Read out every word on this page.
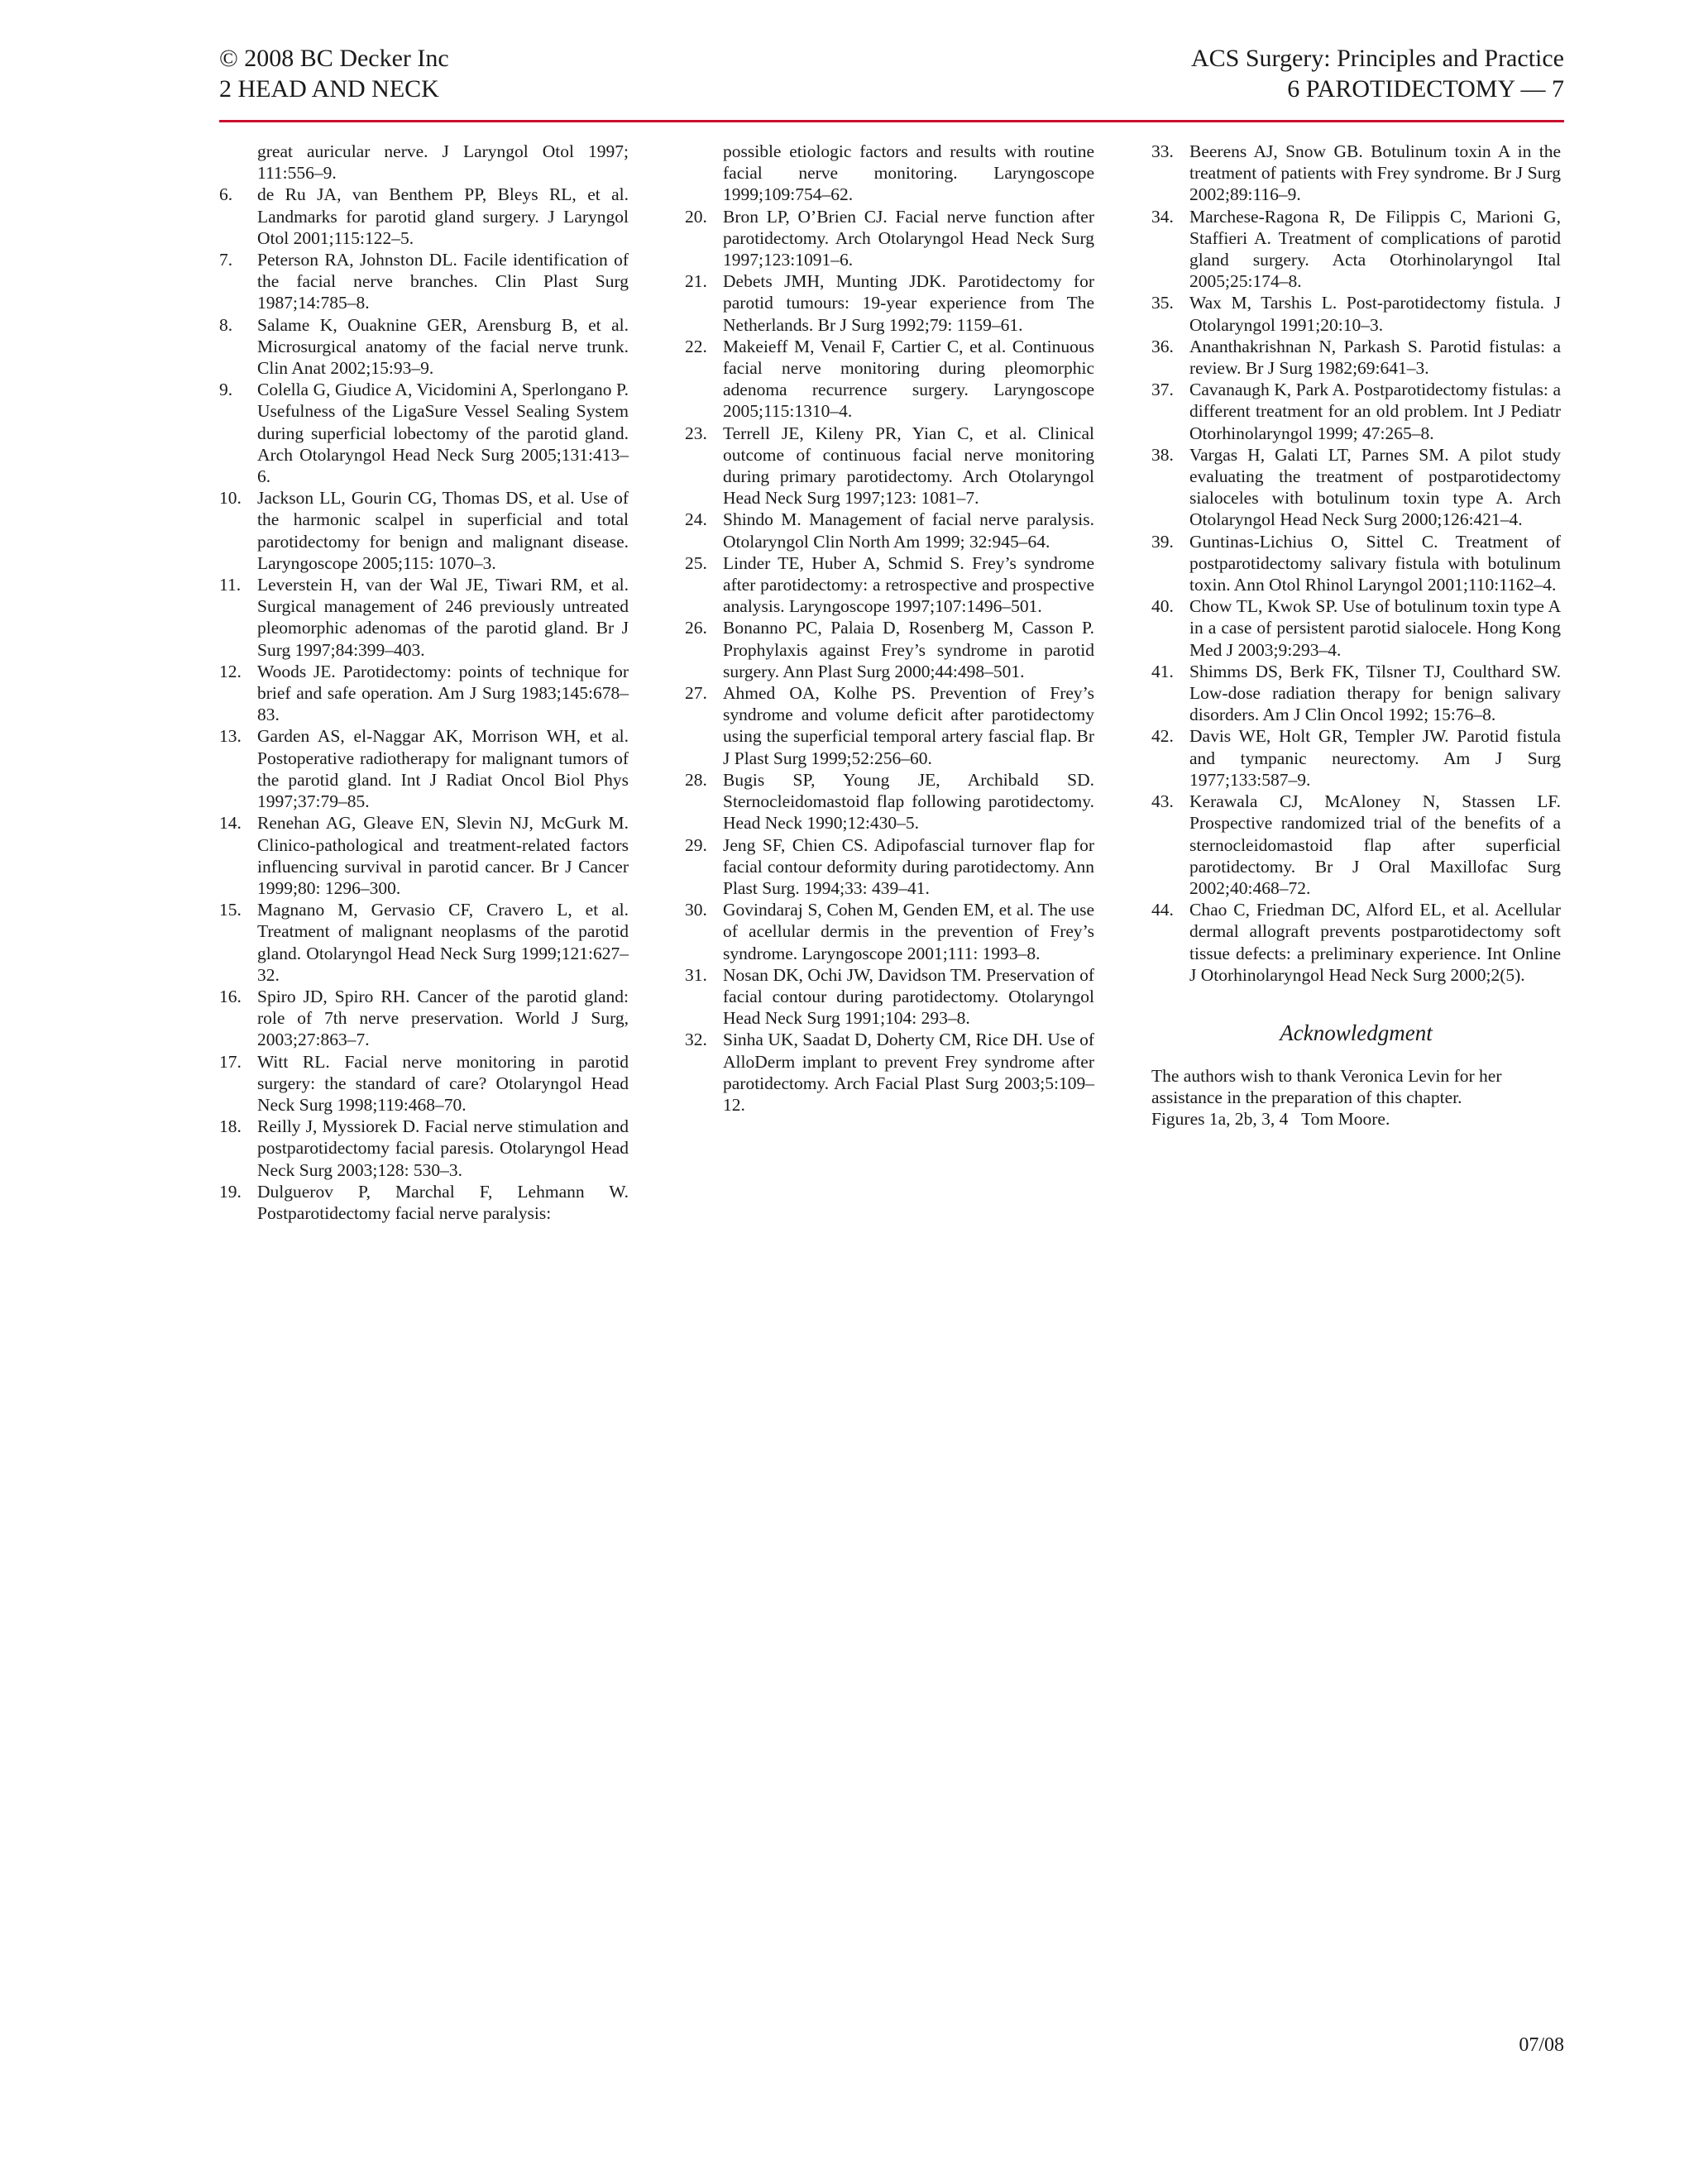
© 2008 BC Decker Inc
2 HEAD AND NECK
ACS Surgery: Principles and Practice
6 PAROTIDECTOMY — 7
great auricular nerve. J Laryngol Otol 1997; 111:556–9.
6.	de Ru JA, van Benthem PP, Bleys RL, et al. Landmarks for parotid gland surgery. J Laryngol Otol 2001;115:122–5.
7.	Peterson RA, Johnston DL. Facile identification of the facial nerve branches. Clin Plast Surg 1987;14:785–8.
8.	Salame K, Ouaknine GER, Arensburg B, et al. Microsurgical anatomy of the facial nerve trunk. Clin Anat 2002;15:93–9.
9.	Colella G, Giudice A, Vicidomini A, Sperlongano P. Usefulness of the LigaSure Vessel Sealing System during superficial lobectomy of the parotid gland. Arch Otolaryngol Head Neck Surg 2005;131:413–6.
10. Jackson LL, Gourin CG, Thomas DS, et al. Use of the harmonic scalpel in superficial and total parotidectomy for benign and malignant disease. Laryngoscope 2005;115: 1070–3.
11. Leverstein H, van der Wal JE, Tiwari RM, et al. Surgical management of 246 previously untreated pleomorphic adenomas of the parotid gland. Br J Surg 1997;84:399–403.
12. Woods JE. Parotidectomy: points of technique for brief and safe operation. Am J Surg 1983;145:678–83.
13. Garden AS, el-Naggar AK, Morrison WH, et al. Postoperative radiotherapy for malignant tumors of the parotid gland. Int J Radiat Oncol Biol Phys 1997;37:79–85.
14. Renehan AG, Gleave EN, Slevin NJ, McGurk M. Clinico-pathological and treatment-related factors influencing survival in parotid cancer. Br J Cancer 1999;80: 1296–300.
15. Magnano M, Gervasio CF, Cravero L, et al. Treatment of malignant neoplasms of the parotid gland. Otolaryngol Head Neck Surg 1999;121:627–32.
16. Spiro JD, Spiro RH. Cancer of the parotid gland: role of 7th nerve preservation. World J Surg, 2003;27:863–7.
17. Witt RL. Facial nerve monitoring in parotid surgery: the standard of care? Otolaryngol Head Neck Surg 1998;119:468–70.
18. Reilly J, Myssiorek D. Facial nerve stimulation and postparotidectomy facial paresis. Otolaryngol Head Neck Surg 2003;128: 530–3.
19. Dulguerov P, Marchal F, Lehmann W. Postparotidectomy facial nerve paralysis:
possible etiologic factors and results with routine facial nerve monitoring. Laryngoscope 1999;109:754–62.
20. Bron LP, O’Brien CJ. Facial nerve function after parotidectomy. Arch Otolaryngol Head Neck Surg 1997;123:1091–6.
21. Debets JMH, Munting JDK. Parotidectomy for parotid tumours: 19-year experience from The Netherlands. Br J Surg 1992;79: 1159–61.
22. Makeieff M, Venail F, Cartier C, et al. Continuous facial nerve monitoring during pleomorphic adenoma recurrence surgery. Laryngoscope 2005;115:1310–4.
23. Terrell JE, Kileny PR, Yian C, et al. Clinical outcome of continuous facial nerve monitoring during primary parotidectomy. Arch Otolaryngol Head Neck Surg 1997;123: 1081–7.
24. Shindo M. Management of facial nerve paralysis. Otolaryngol Clin North Am 1999; 32:945–64.
25. Linder TE, Huber A, Schmid S. Frey’s syndrome after parotidectomy: a retrospective and prospective analysis. Laryngoscope 1997;107:1496–501.
26. Bonanno PC, Palaia D, Rosenberg M, Casson P. Prophylaxis against Frey’s syndrome in parotid surgery. Ann Plast Surg 2000;44:498–501.
27. Ahmed OA, Kolhe PS. Prevention of Frey’s syndrome and volume deficit after parotidectomy using the superficial temporal artery fascial flap. Br J Plast Surg 1999;52:256–60.
28. Bugis SP, Young JE, Archibald SD. Sternocleidomastoid flap following parotidectomy. Head Neck 1990;12:430–5.
29. Jeng SF, Chien CS. Adipofascial turnover flap for facial contour deformity during parotidectomy. Ann Plast Surg. 1994;33: 439–41.
30. Govindaraj S, Cohen M, Genden EM, et al. The use of acellular dermis in the prevention of Frey’s syndrome. Laryngoscope 2001;111: 1993–8.
31. Nosan DK, Ochi JW, Davidson TM. Preservation of facial contour during parotidectomy. Otolaryngol Head Neck Surg 1991;104: 293–8.
32. Sinha UK, Saadat D, Doherty CM, Rice DH. Use of AlloDerm implant to prevent Frey syndrome after parotidectomy. Arch Facial Plast Surg 2003;5:109–12.
33. Beerens AJ, Snow GB. Botulinum toxin A in the treatment of patients with Frey syndrome. Br J Surg 2002;89:116–9.
34. Marchese-Ragona R, De Filippis C, Marioni G, Staffieri A. Treatment of complications of parotid gland surgery. Acta Otorhinolaryngol Ital 2005;25:174–8.
35. Wax M, Tarshis L. Post-parotidectomy fistula. J Otolaryngol 1991;20:10–3.
36. Ananthakrishnan N, Parkash S. Parotid fistulas: a review. Br J Surg 1982;69:641–3.
37. Cavanaugh K, Park A. Postparotidectomy fistulas: a different treatment for an old problem. Int J Pediatr Otorhinolaryngol 1999; 47:265–8.
38. Vargas H, Galati LT, Parnes SM. A pilot study evaluating the treatment of postparotidectomy sialoceles with botulinum toxin type A. Arch Otolaryngol Head Neck Surg 2000;126:421–4.
39. Guntinas-Lichius O, Sittel C. Treatment of postparotidectomy salivary fistula with botulinum toxin. Ann Otol Rhinol Laryngol 2001;110:1162–4.
40. Chow TL, Kwok SP. Use of botulinum toxin type A in a case of persistent parotid sialocele. Hong Kong Med J 2003;9:293–4.
41. Shimms DS, Berk FK, Tilsner TJ, Coulthard SW. Low-dose radiation therapy for benign salivary disorders. Am J Clin Oncol 1992; 15:76–8.
42. Davis WE, Holt GR, Templer JW. Parotid fistula and tympanic neurectomy. Am J Surg 1977;133:587–9.
43. Kerawala CJ, McAloney N, Stassen LF. Prospective randomized trial of the benefits of a sternocleidomastoid flap after superficial parotidectomy. Br J Oral Maxillofac Surg 2002;40:468–72.
44. Chao C, Friedman DC, Alford EL, et al. Acellular dermal allograft prevents postparotidectomy soft tissue defects: a preliminary experience. Int Online J Otorhinolaryngol Head Neck Surg 2000;2(5).
Acknowledgment
The authors wish to thank Veronica Levin for her assistance in the preparation of this chapter.
Figures 1a, 2b, 3, 4   Tom Moore.
07/08
